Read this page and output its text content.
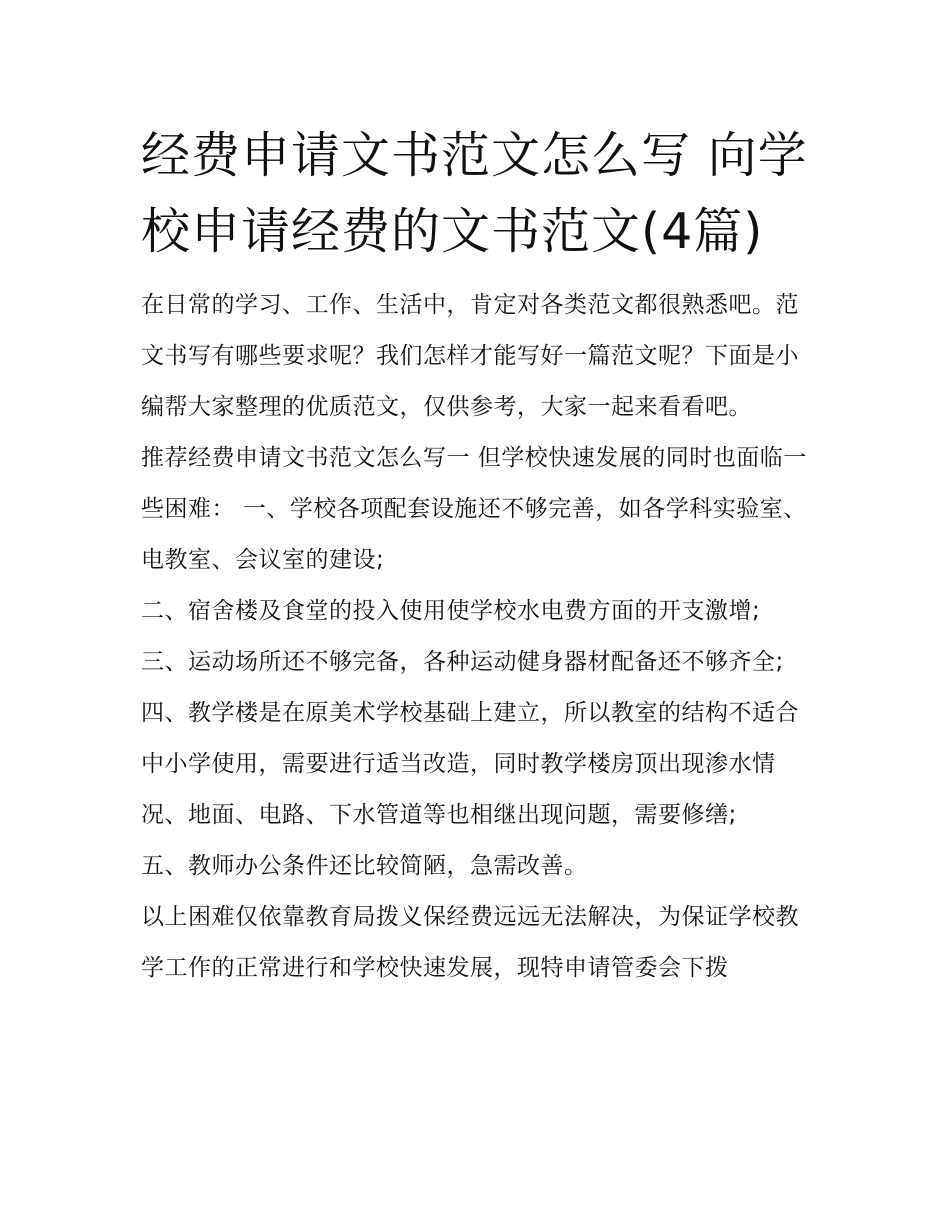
经费申请文书范文怎么写 向学校申请经费的文书范文(4篇)

在日常的学习、工作、生活中，肯定对各类范文都很熟悉吧。范文书写有哪些要求呢？我们怎样才能写好一篇范文呢？下面是小编帮大家整理的优质范文，仅供参考，大家一起来看看吧。

推荐经费申请文书范文怎么写一 但学校快速发展的同时也面临一些困难： 一、学校各项配套设施还不够完善，如各学科实验室、电教室、会议室的建设;

二、宿舍楼及食堂的投入使用使学校水电费方面的开支激增;

三、运动场所还不够完备，各种运动健身器材配备还不够齐全;

四、教学楼是在原美术学校基础上建立，所以教室的结构不适合中小学使用，需要进行适当改造，同时教学楼房顶出现渗水情况、地面、电路、下水管道等也相继出现问题，需要修缮;

五、教师办公条件还比较简陋，急需改善。

以上困难仅依靠教育局拨义保经费远远无法解决，为保证学校教学工作的正常进行和学校快速发展，现特申请管委会下拨
